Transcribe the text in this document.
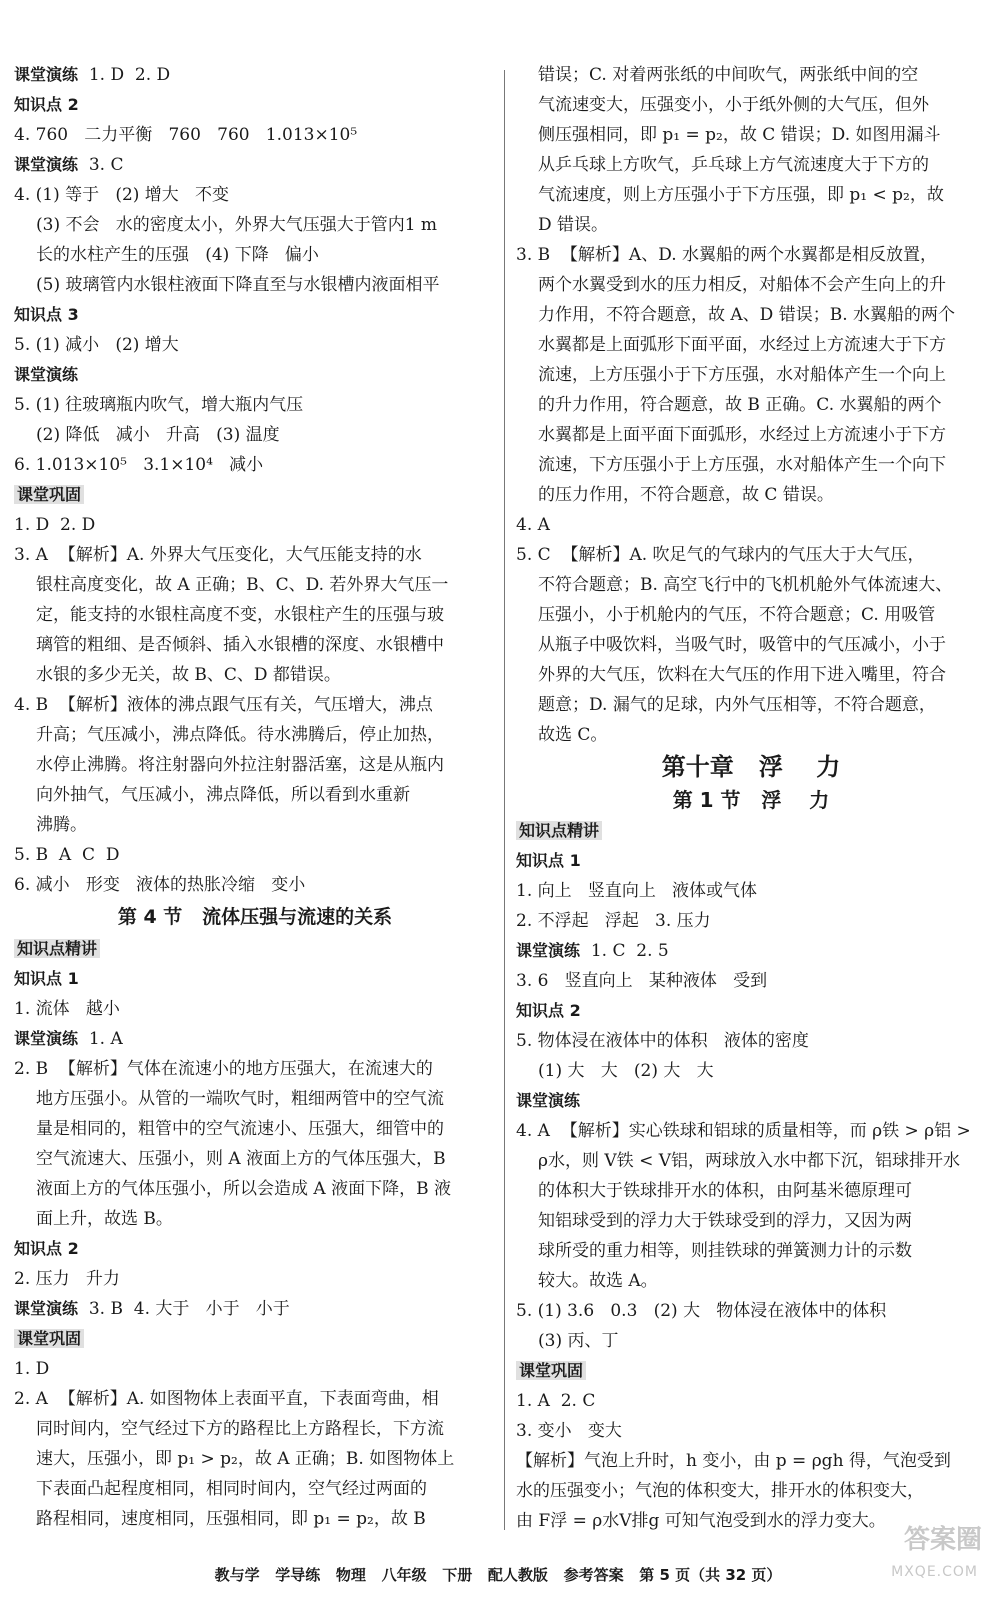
课堂演练 1. D  2. D
知识点 2
4. 760   二力平衡   760   760   1.013×10⁵
课堂演练 3. C
4. (1) 等于   (2) 增大   不变
(3) 不会   水的密度太小，外界大气压强大于管内1 m
长的水柱产生的压强   (4) 下降   偏小
(5) 玻璃管内水银柱液面下降直至与水银槽内液面相平
知识点 3
5. (1) 减小   (2) 增大
课堂演练
5. (1) 往玻璃瓶内吹气，增大瓶内气压
(2) 降低   减小   升高   (3) 温度
6. 1.013×10⁵   3.1×10⁴   减小
课堂巩固
1. D  2. D
3. A  【解析】A. 外界大气压变化，大气压能支持的水
银柱高度变化，故 A 正确；B、C、D. 若外界大气压一
定，能支持的水银柱高度不变，水银柱产生的压强与玻
璃管的粗细、是否倾斜、插入水银槽的深度、水银槽中
水银的多少无关，故 B、C、D 都错误。
4. B  【解析】液体的沸点跟气压有关，气压增大，沸点
升高；气压减小，沸点降低。待水沸腾后，停止加热，
水停止沸腾。将注射器向外拉注射器活塞，这是从瓶内
向外抽气，气压减小，沸点降低，所以看到水重新
沸腾。
5. B  A  C  D
6. 减小   形变   液体的热胀冷缩   变小
第 4 节   流体压强与流速的关系
知识点精讲
知识点 1
1. 流体   越小
课堂演练 1. A
2. B  【解析】气体在流速小的地方压强大，在流速大的
地方压强小。从管的一端吹气时，粗细两管中的空气流
量是相同的，粗管中的空气流速小、压强大，细管中的
空气流速大、压强小，则 A 液面上方的气体压强大，B
液面上方的气体压强小，所以会造成 A 液面下降，B 液
面上升，故选 B。
知识点 2
2. 压力   升力
课堂演练 3. B  4. 大于   小于   小于
课堂巩固
1. D
2. A  【解析】A. 如图物体上表面平直，下表面弯曲，相
同时间内，空气经过下方的路程比上方路程长，下方流
速大，压强小，即 p₁ > p₂，故 A 正确；B. 如图物体上
下表面凸起程度相同，相同时间内，空气经过两面的
路程相同，速度相同，压强相同，即 p₁ = p₂，故 B
错误；C. 对着两张纸的中间吹气，两张纸中间的空
气流速变大，压强变小，小于纸外侧的大气压，但外
侧压强相同，即 p₁ = p₂，故 C 错误；D. 如图用漏斗
从乒乓球上方吹气，乒乓球上方气流速度大于下方的
气流速度，则上方压强小于下方压强，即 p₁ < p₂，故
D 错误。
3. B  【解析】A、D. 水翼船的两个水翼都是相反放置，
两个水翼受到水的压力相反，对船体不会产生向上的升
力作用，不符合题意，故 A、D 错误；B. 水翼船的两个
水翼都是上面弧形下面平面，水经过上方流速大于下方
流速，上方压强小于下方压强，水对船体产生一个向上
的升力作用，符合题意，故 B 正确。C. 水翼船的两个
水翼都是上面平面下面弧形，水经过上方流速小于下方
流速，下方压强小于上方压强，水对船体产生一个向下
的压力作用，不符合题意，故 C 错误。
4. A
5. C  【解析】A. 吹足气的气球内的气压大于大气压，
不符合题意；B. 高空飞行中的飞机机舱外气体流速大、
压强小，小于机舱内的气压，不符合题意；C. 用吸管
从瓶子中吸饮料，当吸气时，吸管中的气压减小，小于
外界的大气压，饮料在大气压的作用下进入嘴里，符合
题意；D. 漏气的足球，内外气压相等，不符合题意，
故选 C。
第十章   浮    力
第 1 节   浮    力
知识点精讲
知识点 1
1. 向上   竖直向上   液体或气体
2. 不浮起   浮起   3. 压力
课堂演练 1. C  2. 5
3. 6   竖直向上   某种液体   受到
知识点 2
5. 物体浸在液体中的体积   液体的密度
(1) 大   大   (2) 大   大
课堂演练
4. A  【解析】实心铁球和铝球的质量相等，而 ρ铁 > ρ铝 >
ρ水，则 V铁 < V铝，两球放入水中都下沉，铝球排开水
的体积大于铁球排开水的体积，由阿基米德原理可
知铝球受到的浮力大于铁球受到的浮力，又因为两
球所受的重力相等，则挂铁球的弹簧测力计的示数
较大。故选 A。
5. (1) 3.6   0.3   (2) 大   物体浸在液体中的体积
(3) 丙、丁
课堂巩固
1. A  2. C
3. 变小   变大
【解析】气泡上升时，h 变小，由 p = ρgh 得，气泡受到
水的压强变小；气泡的体积变大，排开水的体积变大，
由 F浮 = ρ水V排g 可知气泡受到水的浮力变大。
教与学   学导练   物理   八年级   下册   配人教版   参考答案   第 5 页（共 32 页）
答案圈
MXQE.COM
